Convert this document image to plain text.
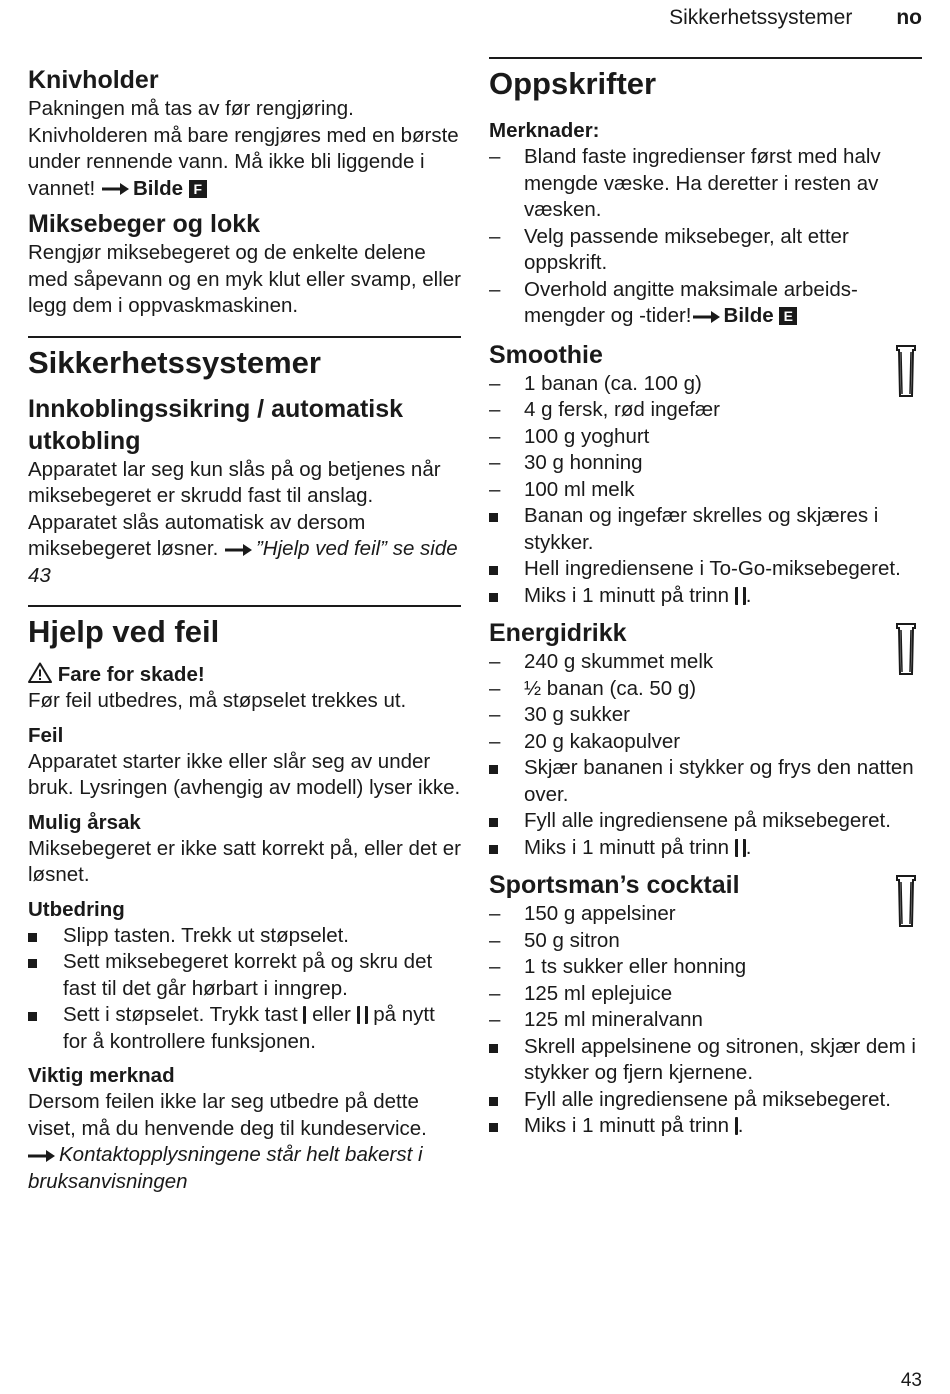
Sikkerhetssystemer no
Knivholder

Pakningen må tas av før rengjøring. Knivholderen må bare rengjøres med en børste under rennende vann. Må ikke bli liggende i vannet! Bilde F

Miksebeger og lokk

Rengjør miksebegeret og de enkelte delene med såpevann og en myk klut eller svamp, eller legg dem i oppvaskmaskinen.

Sikkerhetssystemer
Innkoblingssikring / automatisk utkobling

Apparatet lar seg kun slås på og betjenes når miksebegeret er skrudd fast til anslag. Apparatet slås automatisk av dersom miksebegeret løsner. ”Hjelp ved feil” se side 43

Hjelp ved feil
Fare for skade!

Før feil utbedres, må støpselet trekkes ut.

Feil

Apparatet starter ikke eller slår seg av under bruk. Lysringen (avhengig av modell) lyser ikke.

Mulig årsak

Miksebegeret er ikke satt korrekt på, eller det er løsnet.

Utbedring
Slipp tasten. Trekk ut støpselet.
Sett miksebegeret korrekt på og skru det fast til det går hørbart i inngrep.
Sett i støpselet. Trykk tast eller på nytt for å kontrollere funksjonen.
Viktig merknad

Dersom feilen ikke lar seg utbedre på dette viset, må du henvende deg til kundeservice.

Kontaktopplysningene står helt bakerst i bruksanvisningen

Oppskrifter
Merknader:
– Bland faste ingredienser først med halv mengde væske. Ha deretter i resten av væsken.
– Velg passende miksebeger, alt etter oppskrift.
– Overhold angitte maksimale arbeidsmengder og -tider! Bilde E
Smoothie
– 1 banan (ca. 100 g)
– 4 g fersk, rød ingefær
– 100 g yoghurt
– 30 g honning
– 100 ml melk
Banan og ingefær skrelles og skjæres i stykker.
Hell ingrediensene i To-Go-miksebegeret.
Miks i 1 minutt på trinn .
Energidrikk
– 240 g skummet melk
– ½ banan (ca. 50 g)
– 30 g sukker
– 20 g kakaopulver
Skjær bananen i stykker og frys den natten over.
Fyll alle ingrediensene på miksebegeret.
Miks i 1 minutt på trinn .
Sportsman’s cocktail
– 150 g appelsiner
– 50 g sitron
– 1 ts sukker eller honning
– 125 ml eplejuice
– 125 ml mineralvann
Skrell appelsinene og sitronen, skjær dem i stykker og fjern kjernene.
Fyll alle ingrediensene på miksebegeret.
Miks i 1 minutt på trinn .
43
